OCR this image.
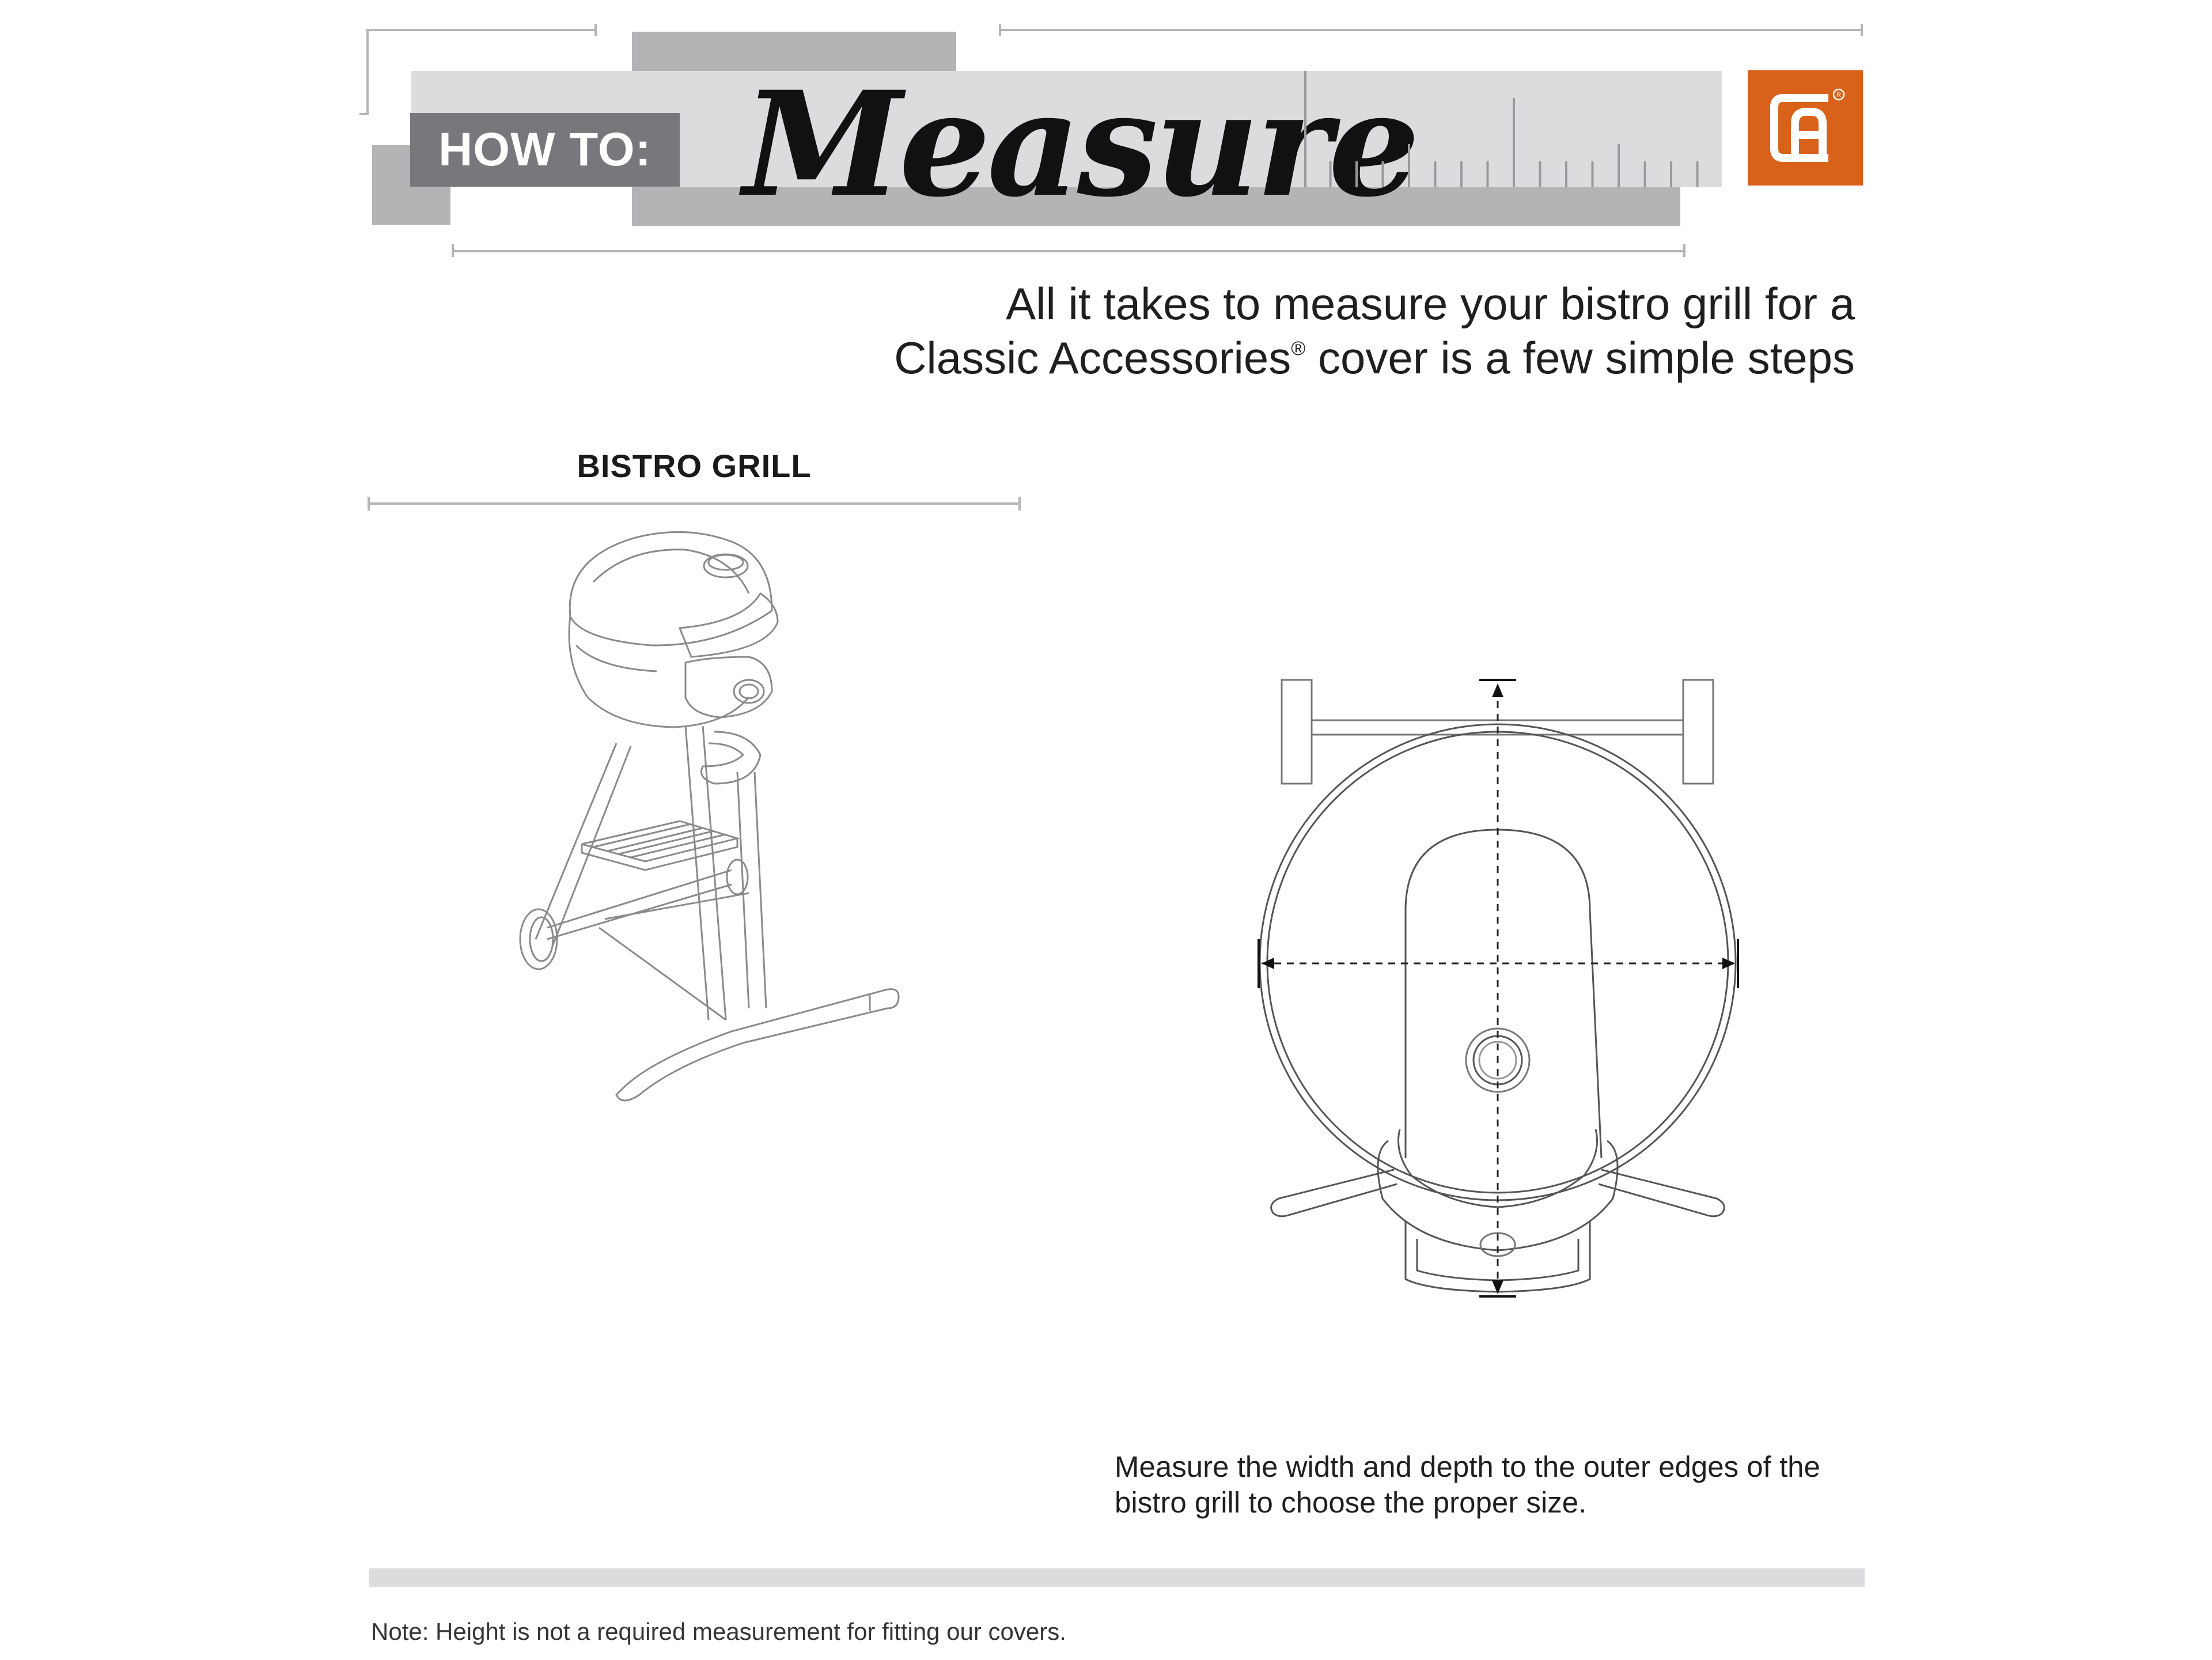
HOW TO: Measure	R
All it takes to measure your bistro grill for a
Classic Accessories® cover is a few simple steps
BISTRO GRILL
Measure the width and depth to the outer edges of the bistro grill to choose the proper size.
Note: Height is not a required measurement for fitting our covers.
